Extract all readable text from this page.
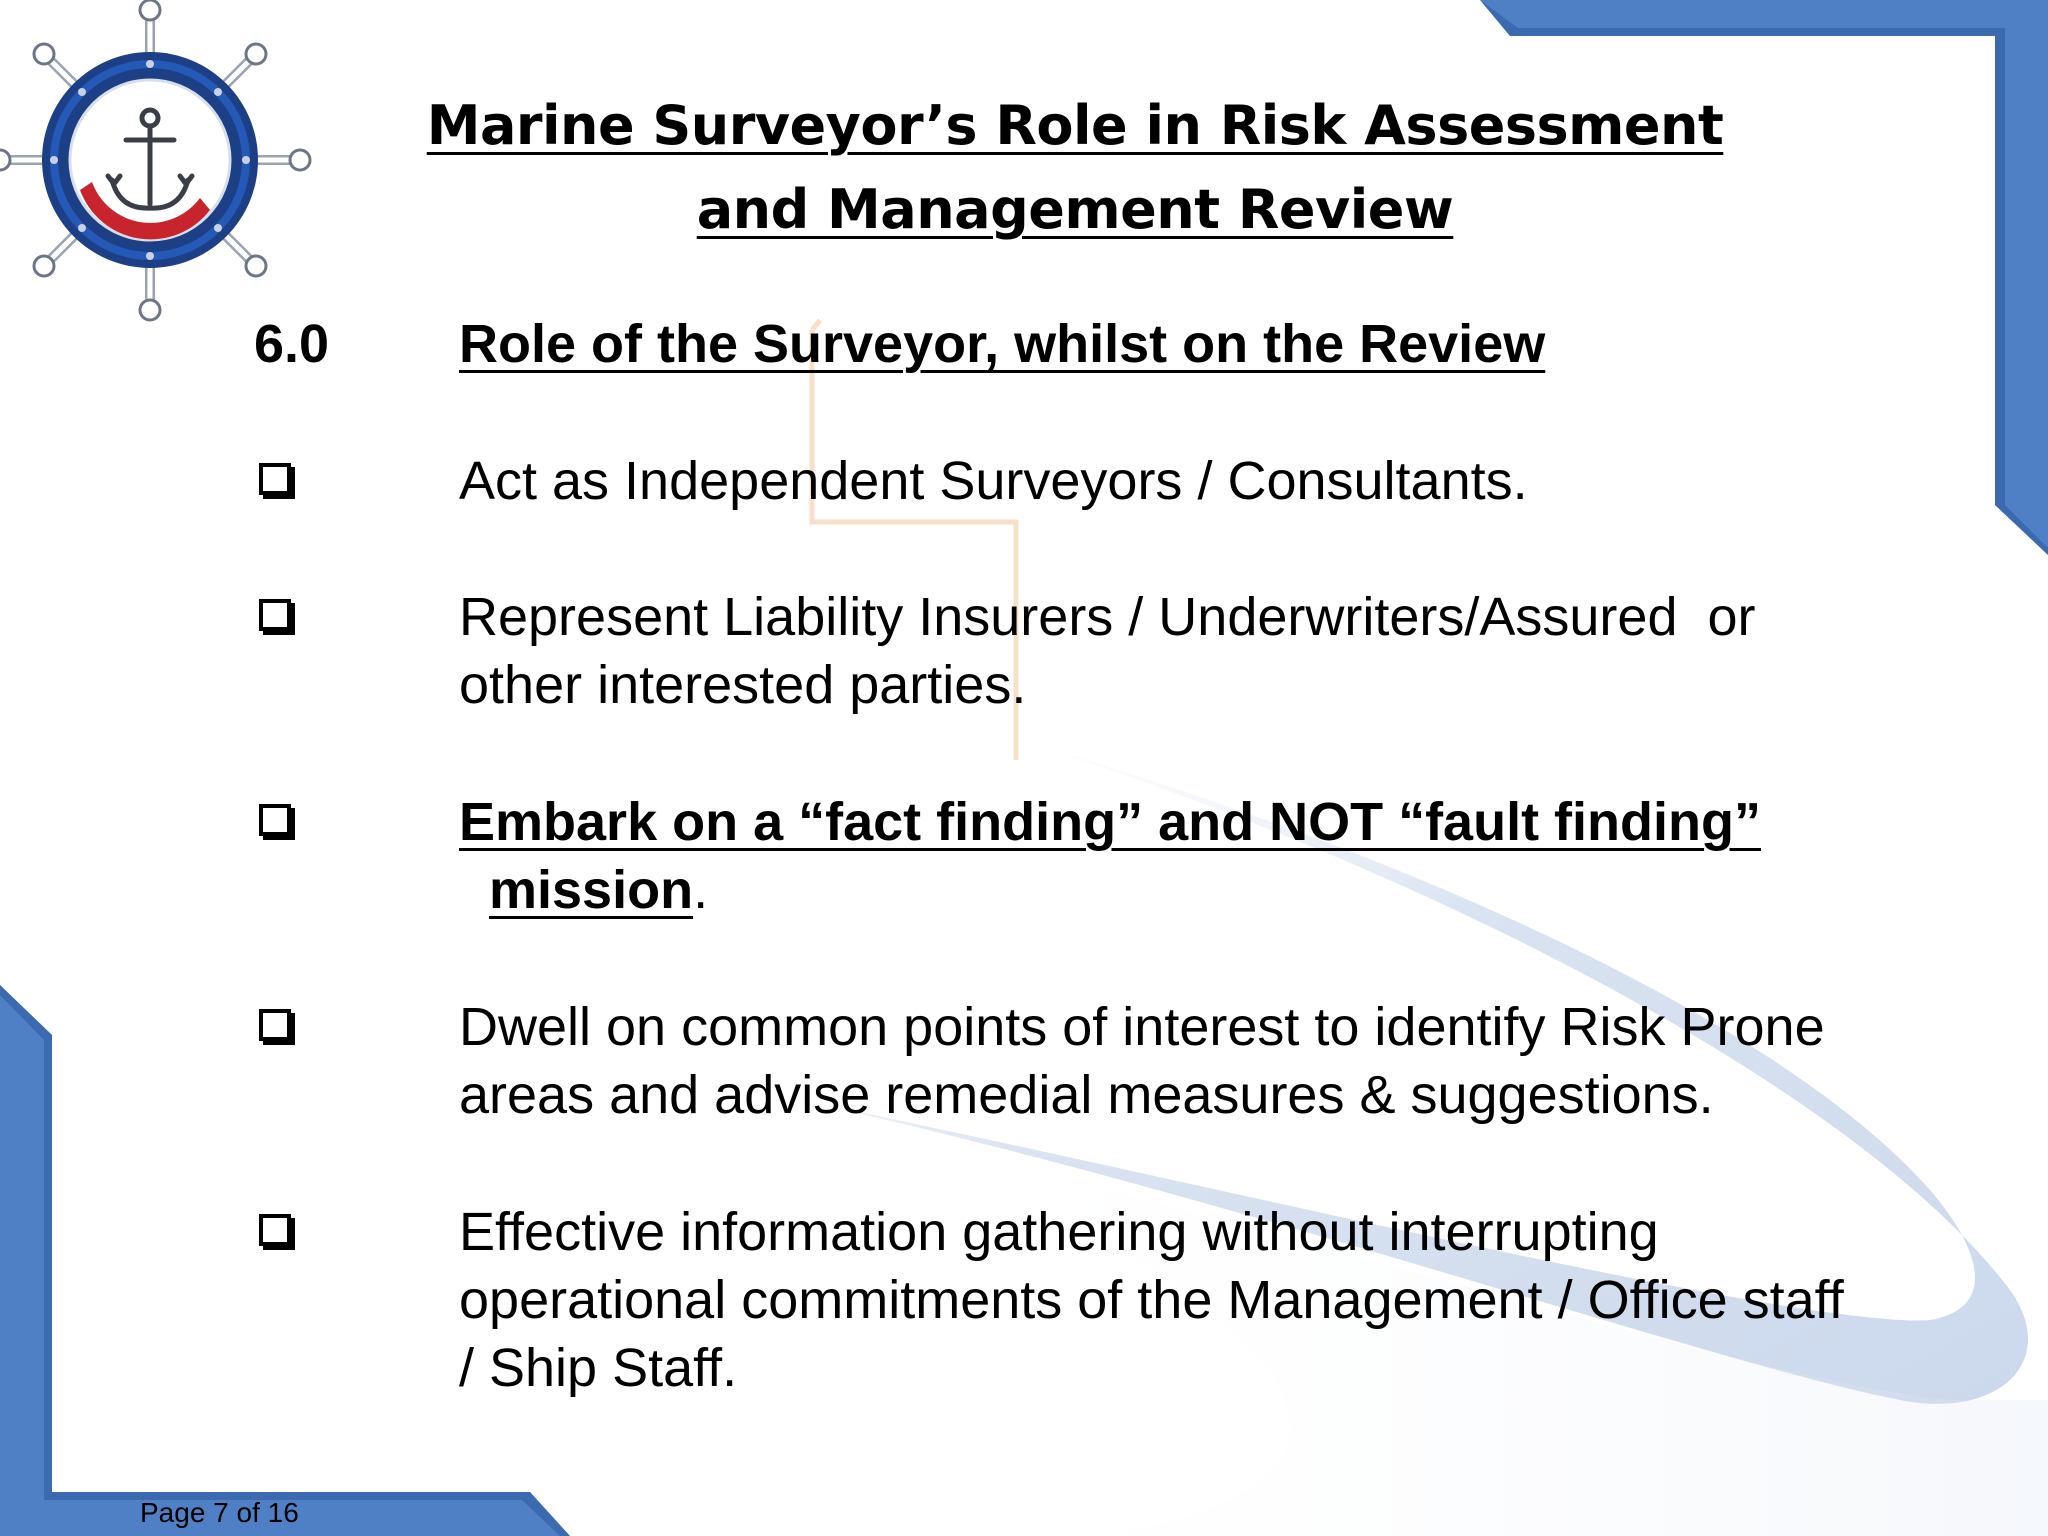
Marine Surveyor’s Role in Risk Assessment
and Management Review
6.0 Role of the Surveyor, whilst on the Review
Act as Independent Surveyors / Consultants.
Represent Liability Insurers / Underwriters/Assured  or
other interested parties.
Embark on a “fact finding” and NOT “fault finding”
mission.
Dwell on common points of interest to identify Risk Prone
areas and advise remedial measures & suggestions.
Effective information gathering without interrupting
operational commitments of the Management / Office staff
/ Ship Staff.
Page 7 of 16
